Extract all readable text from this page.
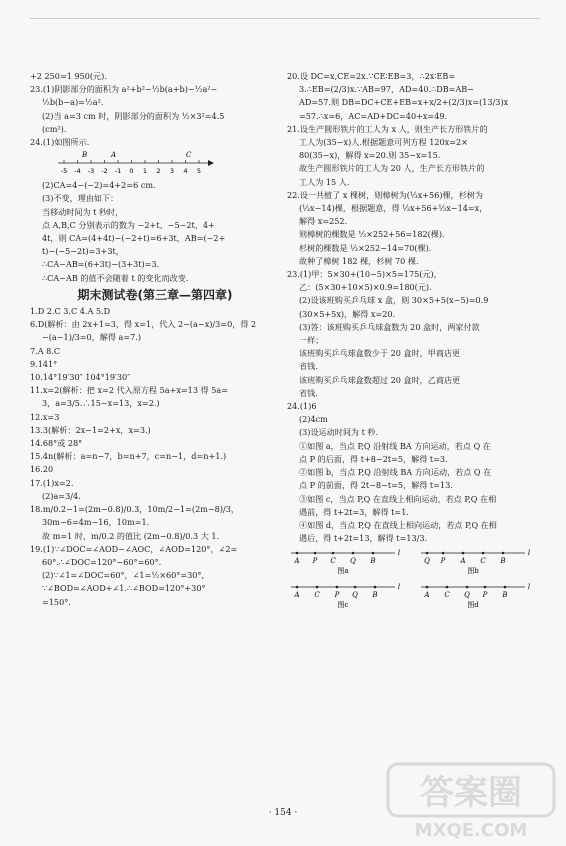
+2 250=1 950(元).
23.(1)阴影部分的面积为 a²+b²−½b(a+b)−½a²−
½b(b−a)=½a².
(2)当 a=3 cm 时，阴影部分的面积为 ½×3²=4.5
(cm²).
24.(1)如图所示.
-5 -4 -3 -2 -1 0 1 2 3 4 5
B	A	C
(2)CA=4−(−2)=4+2=6 cm.
(3)不变，理由如下：
当移动时间为 t 秒时，
点 A,B,C 分别表示的数为 −2+t、−5−2t、4+
4t，则 CA=(4+4t)−(−2+t)=6+3t，AB=(−2+
t)−(−5−2t)=3+3t，
∴CA−AB=(6+3t)−(3+3t)=3.
∴CA−AB 的值不会随着 t 的变化而改变.
期末测试卷(第三章—第四章)
1.D 2.C 3.C 4.A 5.D
6.D(解析：由 2x+1=3，得 x=1，代入 2−(a−x)/3=0，得 2
−(a−1)/3=0，解得 a=7.)
7.A 8.C
9.141°
10.14°19′30″ 104°19′30″
11.x=2(解析：把 x=2 代入原方程 5a+x=13 得 5a=
3，a=3/5.∴15−x=13，x=2.)
12.x=3
13.3(解析：2x−1=2+x，x=3.)
14.68°或 28°
15.4n(解析：a=n−7，b=n+7，c=n−1，d=n+1.)
16.20
17.(1)x=2.
(2)a=3/4.
18.m/0.2−1=(2m−0.8)/0.3，10m/2−1=(2m−8)/3，
30m−6=4m−16，10m=1.
故 m=1 时，m/0.2 的值比 (2m−0.8)/0.3 大 1.
19.(1)∵∠DOC=∠AOD−∠AOC，∠AOD=120°，∠2=
60°.∴∠DOC=120°−60°=60°.
(2)∵∠1=∠DOC=60°，∠1=½×60°=30°,
∵∠BOD=∠AOD+∠1.∴∠BOD=120°+30°
=150°.
20.设 DC=x,CE=2x.∵CE∶EB=3，∴2x∶EB=
3.∴EB=(2/3)x.∵AB=97，AD=40.∴DB=AB−
AD=57.则 DB=DC+CE+EB=x+x/2+(2/3)x=(13/3)x
=57.∴x=6，AC=AD+DC=40+x=49.
21.设生产圆形铁片的工人为 x 人，则生产长方形铁片的
工人为(35−x)人.根据题意可列方程 120x=2×
80(35−x)，解得 x=20.则 35−x=15.
故生产圆形铁片的工人为 20 人，生产长方形铁片的
工人为 15 人.
22.设一共植了 x 棵树，则樟树为(⅓x+56)棵，杉树为
(⅓x−14)棵，根据题意，得 ⅓x+56+⅓x−14=x，
解得 x=252.
则樟树的棵数是 ½×252+56=182(棵).
杉树的棵数是 ⅓×252−14=70(棵).
故种了樟树 182 棵，杉树 70 棵.
23.(1)甲：5×30+(10−5)×5=175(元)，
乙：(5×30+10×5)×0.9=180(元).
(2)设该班购买乒乓球 x 盒，则 30×5+5(x−5)=0.9
(30×5+5x)，解得 x=20.
(3)答：该班购买乒乓球盒数为 20 盒时，两家付款
一样；
该班购买乒乓球盒数少于 20 盒时，甲商店更
省钱.
该班购买乒乓球盒数超过 20 盒时，乙商店更
省钱.
24.(1)6
(2)4cm
(3)设运动时间为 t 秒.
①如图 a，当点 P,Q 沿射线 BA 方向运动，若点 Q 在
点 P 的后面，得 t+8−2t=5，解得 t=3.
②如图 b，当点 P,Q 沿射线 BA 方向运动，若点 Q 在
点 P 的前面，得 2t−8−t=5，解得 t=13.
③如图 c，当点 P,Q 在直线上相向运动，若点 P,Q 在相
遇前，得 t+2t=3，解得 t=1.
④如图 d，当点 P,Q 在直线上相向运动，若点 P,Q 在相
遇后，得 t+2t=13，解得 t=13/3.
A P C Q B
l
图a
Q P A C B
l
图b
A C P Q B
l
图c
A C Q P B
l
图d
· 154 ·	答案圈
MXQE.COM
